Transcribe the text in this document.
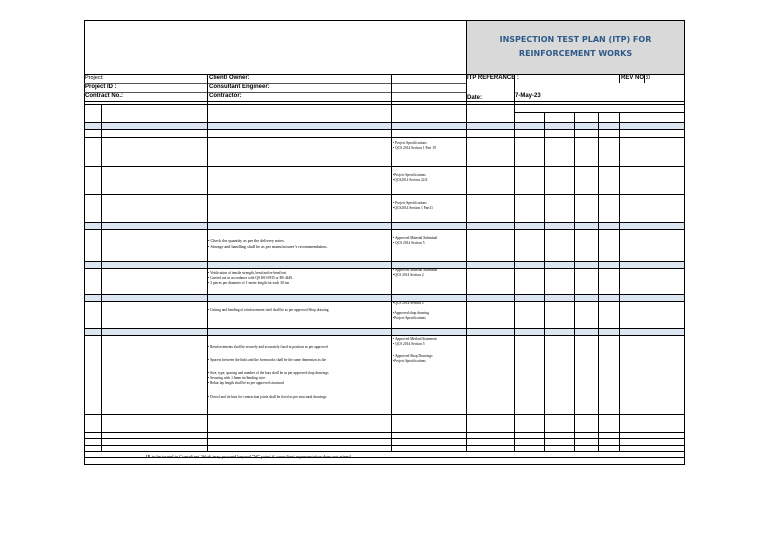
INSPECTION TEST PLAN (ITP) FOR REINFORCEMENT WORKS
Project:
Project ID :
Contract No.:
Client/ Owner:
Consultant Engineer:
Contractor:
ITP REFERANCE :	REV NO : 0
Date:	7-May-23
• Project Specifications
• QCS 2014 Section 1 Part 19
•Project Specifications
•QCS2014 Section 22,8
• Project Specifications
•QCS2014 Section 1 Part11
• Check the quantity as per the delivery notes.
• Storage and handling shall be as per manufacturer’s recommendation.
• Approved Material Submittal
• QCS 2014 Section 5
• Verification of tensile strength, bend and re-bend test
• Carried out in accordance with QS ISO 6935 or BS 4449.
• 3 pieces per diameter of 1-meter length for each 30 ton
• Approved Material Submittal
•QCS 2014 Section 2
• Cutting and bending of reinforcement steel shall be as per approved Shop drawing
•QCS 2014 Section 2

•Approved shop drawing
•Project Specifications
• Reinforcements shall be securely and accurately fixed in position as per approved
• Spacers between the links and the formworks shall be the same dimension as the
• Size, type, spacing and number of the bars shall be as per approved shop drawings
• Securing with 1.6mm tie/binding wire.
• Rebar lap length shall be as per approved structural
• Dowel and tie bars for contraction joints shall be fixed as per structural drawings
• Approved Method Statement
• QCS 2014 Section 5
• Approved Shop Drawings
•Project Specifications
IR to be issued to Consultant. Work may proceed beyond "W" point if consultant representative does not attend.
